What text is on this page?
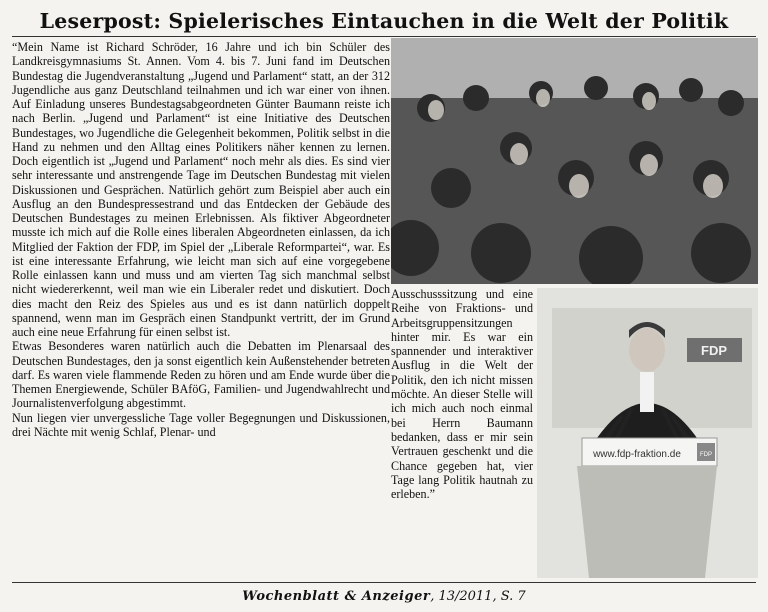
Leserpost: Spielerisches Eintauchen in die Welt der Politik

“Mein Name ist Richard Schröder, 16 Jahre und ich bin Schüler des Landkreisgymnasiums St. Annen. Vom 4. bis 7. Juni fand im Deutschen Bundestag die Jugendveranstaltung „Jugend und Parlament“ statt, an der 312 Jugendliche aus ganz Deutschland teilnahmen und ich war einer von ihnen. Auf Einladung unseres Bundestagsabgeordneten Günter Baumann reiste ich nach Berlin. „Jugend und Parlament“ ist eine Initiative des Deutschen Bundestages, wo Jugendliche die Gelegenheit bekommen, Politik selbst in die Hand zu nehmen und den Alltag eines Politikers näher kennen zu lernen. Doch eigentlich ist „Jugend und Parlament“ noch mehr als dies. Es sind vier sehr interessante und anstrengende Tage im Deutschen Bundestag mit vielen Diskussionen und Gesprächen. Natürlich gehört zum Beispiel aber auch ein Ausflug an den Bundespressestrand und das Entdecken der Gebäude des Deutschen Bundestages zu meinen Erlebnissen. Als fiktiver Abgeordneter musste ich mich auf die Rolle eines liberalen Abgeordneten einlassen, da ich Mitglied der Faktion der FDP, im Spiel der „Liberale Reformpartei“, war. Es ist eine interessante Erfahrung, wie leicht man sich auf eine vorgegebene Rolle einlassen kann und muss und am vierten Tag sich manchmal selbst nicht wiedererkennt, weil man wie ein Liberaler redet und diskutiert. Doch dies macht den Reiz des Spieles aus und es ist dann natürlich doppelt spannend, wenn man im Gespräch einen Standpunkt vertritt, der im Grund auch eine neue Erfahrung für einen selbst ist.

Etwas Besonderes waren natürlich auch die Debatten im Plenarsaal des Deutschen Bundestages, den ja sonst eigentlich kein Außenstehender betreten darf. Es waren viele flammende Reden zu hören und am Ende wurde über die Themen Energiewende, Schüler BAföG, Familien- und Jugendwahlrecht und Journalistenverfolgung abgestimmt.

Nun liegen vier unvergessliche Tage voller Begegnungen und Diskussionen, drei Nächte mit wenig Schlaf, Plenar- und

Ausschusssitzung und eine Reihe von Fraktions- und Arbeitsgruppensitzungen hinter mir. Es war ein spannender und interaktiver Ausflug in die Welt der Politik, den ich nicht missen möchte. An dieser Stelle will ich mich auch noch einmal bei Herrn Baumann bedanken, dass er mir sein Vertrauen geschenkt und die Chance gegeben hat, vier Tage lang Politik hautnah zu erleben.”

FDP
www.fdp-fraktion.de	FDP
Wochenblatt & Anzeiger, 13/2011, S. 7
